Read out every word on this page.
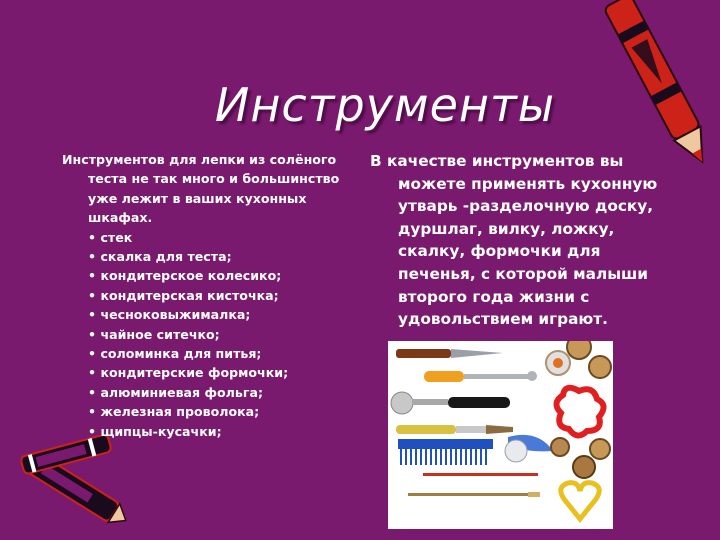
Инструменты
Инструментов для лепки из солёного теста не так много и большинство уже лежит в ваших кухонных шкафах.
• стек
• скалка для теста;
• кондитерское колесико;
• кондитерская кисточка;
• чесноковыжималка;
• чайное ситечко;
• соломинка для питья;
• кондитерские формочки;
• алюминиевая фольга;
• железная проволока;
• щипцы-кусачки;
В качестве инструментов вы можете применять кухонную утварь -разделочную доску, дуршлаг, вилку, ложку, скалку, формочки для печенья, с которой малыши второго года жизни с удовольствием играют.
